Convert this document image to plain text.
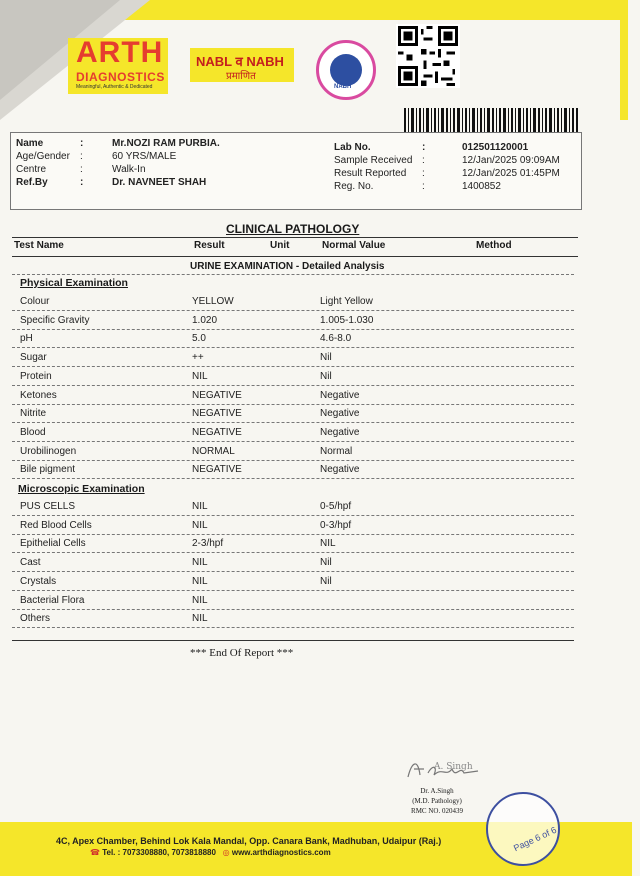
ARTH
DIAGNOSTICS
Meaningful, Authentic & Dedicated
NABL व NABH
प्रमाणित
NABH
Name	:	Mr.NOZI RAM PURBIA.
Age/Gender :	60 YRS/MALE
Centre	:	Walk-In
Ref.By	:	Dr. NAVNEET SHAH
Lab No.	:	012501120001
Sample Received :	12/Jan/2025 09:09AM
Result Reported :	12/Jan/2025 01:45PM
Reg. No.	:	1400852
CLINICAL PATHOLOGY
Test Name	Result	Unit	Normal Value	Method
URINE EXAMINATION - Detailed Analysis
Physical Examination
Colour	YELLOW	Light Yellow
Specific Gravity	1.020	1.005-1.030
pH	5.0	4.6-8.0
Sugar	++	Nil
Protein	NIL	Nil
Ketones	NEGATIVE	Negative
Nitrite	NEGATIVE	Negative
Blood	NEGATIVE	Negative
Urobilinogen	NORMAL	Normal
Bile pigment	NEGATIVE	Negative
Microscopic Examination
PUS CELLS	NIL	0-5/hpf
Red Blood Cells	NIL	0-3/hpf
Epithelial Cells	2-3/hpf	NIL
Cast	NIL	Nil
Crystals	NIL	Nil
Bacterial Flora	NIL
Others	NIL
*** End Of Report ***
A. Singh
Dr. A.Singh
(M.D. Pathology)
RMC NO. 020439
4C, Apex Chamber, Behind Lok Kala Mandal, Opp. Canara Bank, Madhuban, Udaipur (Raj.)
☎ Tel. : 7073308880, 7073818880   ◎ www.arthdiagnostics.com	Page 6 of 6
